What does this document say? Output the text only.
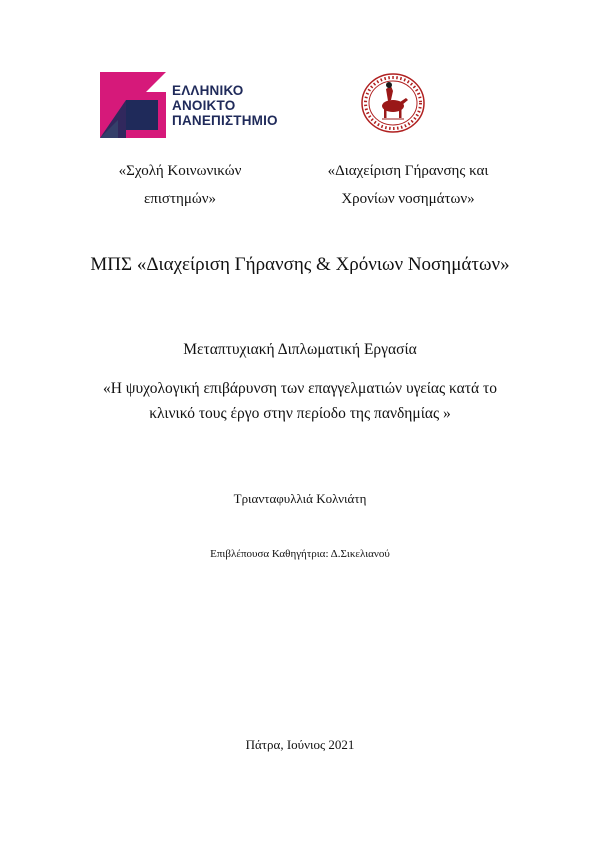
ΕΛΛΗΝΙΚΟ
ΑΝΟΙΚΤΟ
ΠΑΝΕΠΙΣΤΗΜΙΟ
«Σχολή Κοινωνικών
επιστημών»
«Διαχείριση Γήρανσης και
Χρονίων νοσημάτων»
ΜΠΣ «Διαχείριση Γήρανσης & Χρόνιων Νοσημάτων»
Μεταπτυχιακή Διπλωματική Εργασία
«Η ψυχολογική επιβάρυνση των επαγγελματιών υγείας κατά το
κλινικό τους έργο στην περίοδο της πανδημίας »
Τριανταφυλλιά Κολνιάτη
Επιβλέπουσα Καθηγήτρια: Δ.Σικελιανού
Πάτρα, Ιούνιος 2021
